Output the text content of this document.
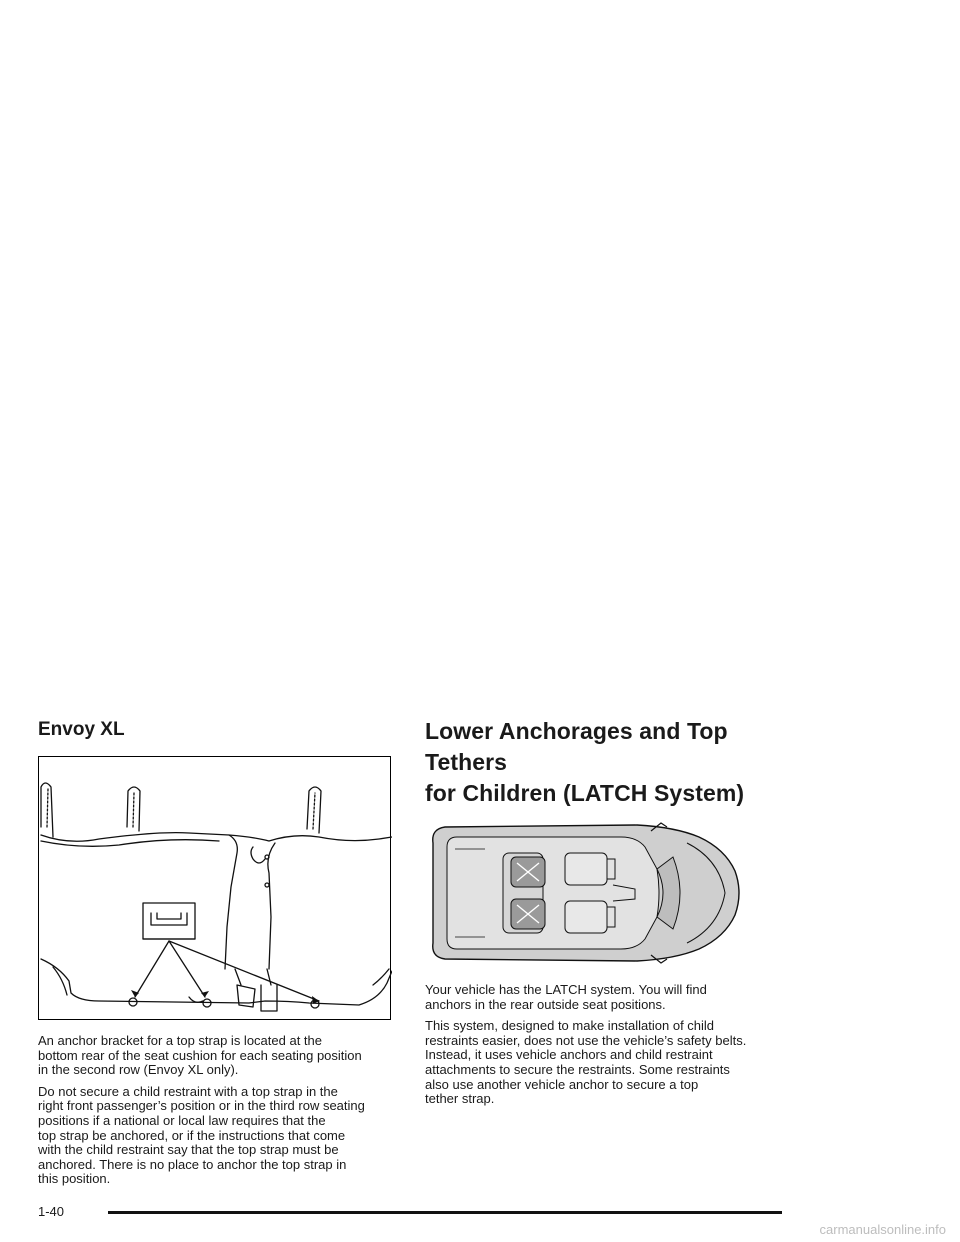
Envoy XL

An anchor bracket for a top strap is located at the
bottom rear of the seat cushion for each seating position
in the second row (Envoy XL only).

Do not secure a child restraint with a top strap in the
right front passenger’s position or in the third row seating
positions if a national or local law requires that the
top strap be anchored, or if the instructions that come
with the child restraint say that the top strap must be
anchored. There is no place to anchor the top strap in
this position.

Lower Anchorages and Top Tethers
for Children (LATCH System)

Your vehicle has the LATCH system. You will find
anchors in the rear outside seat positions.

This system, designed to make installation of child
restraints easier, does not use the vehicle’s safety belts.
Instead, it uses vehicle anchors and child restraint
attachments to secure the restraints. Some restraints
also use another vehicle anchor to secure a top
tether strap.

1-40
carmanualsonline.info
